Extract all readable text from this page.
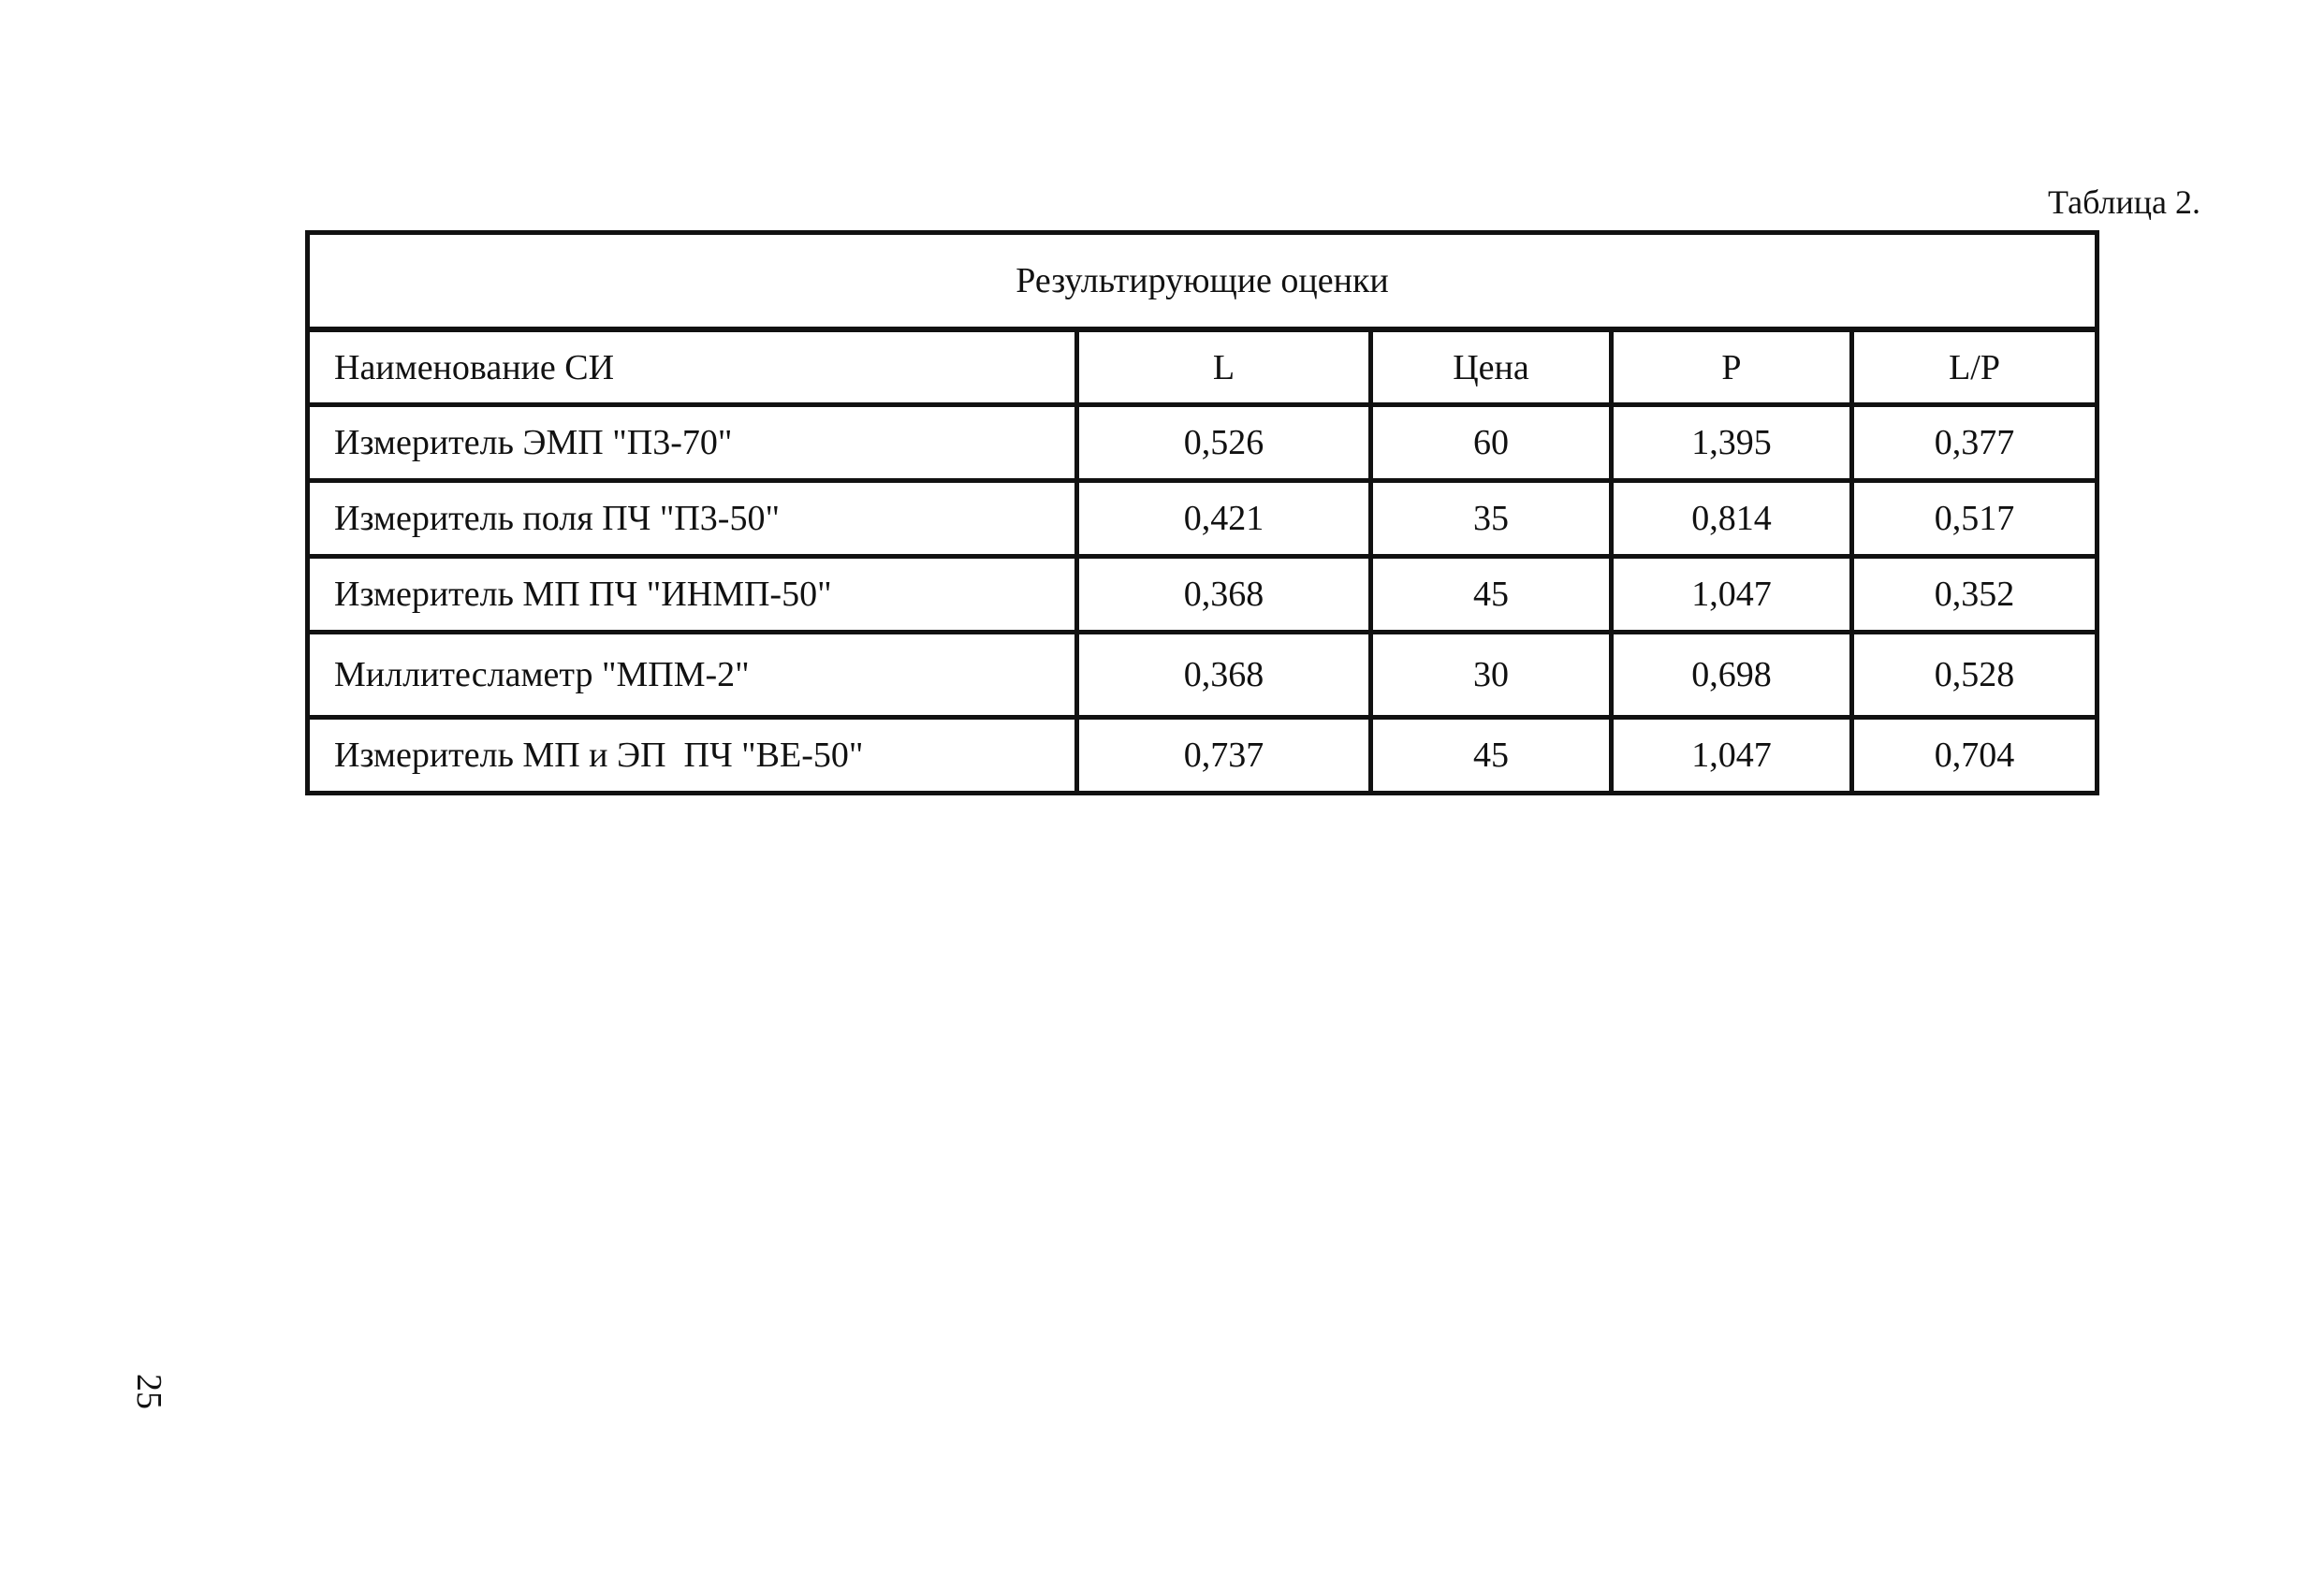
Таблица 2.
Результирующие оценки				
Наименование СИ	L	Цена	P	L/P
Измеритель ЭМП "П3-70"	0,526	60	1,395	0,377
Измеритель поля ПЧ "П3-50"	0,421	35	0,814	0,517
Измеритель МП ПЧ "ИНМП-50"	0,368	45	1,047	0,352
Миллитесламетр "МПМ-2"	0,368	30	0,698	0,528
Измеритель МП и ЭП  ПЧ "ВЕ-50"	0,737	45	1,047	0,704
25
